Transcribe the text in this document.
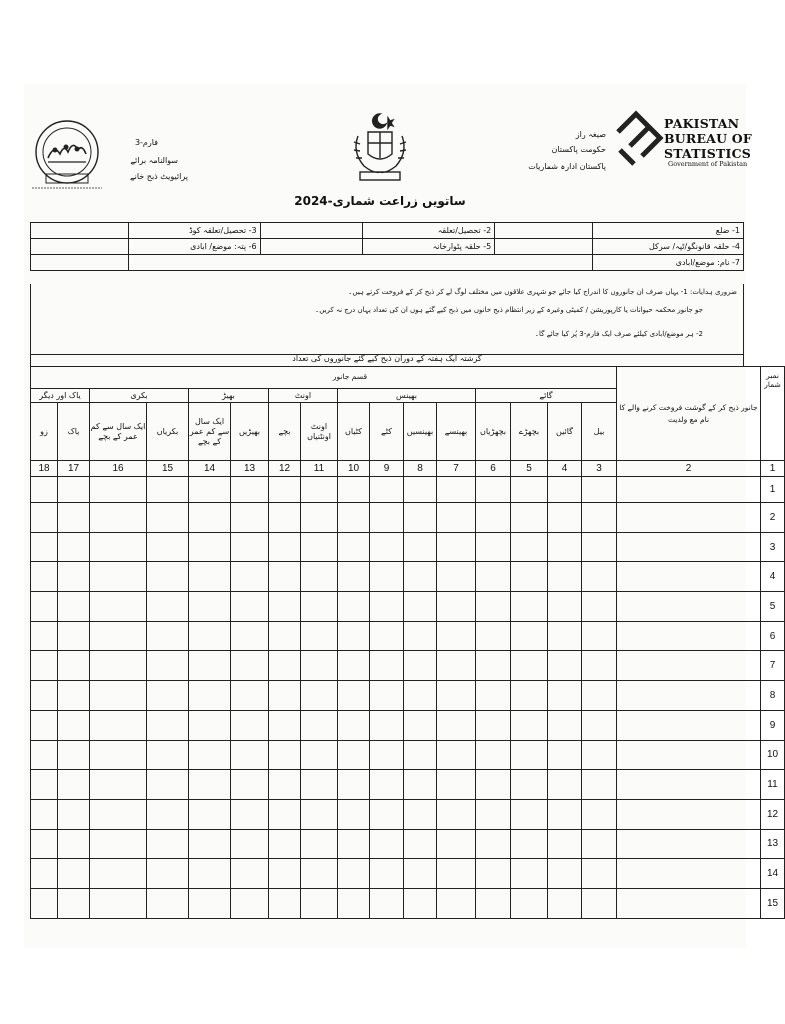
PAKISTAN
BUREAU OF
STATISTICS
Government of Pakistan
صیغہ راز
حکومت پاکستان
پاکستان ادارہ شماریات
فارم-3
سوالنامہ برائے
پرائیویٹ ذبح خانے
ساتویں زراعت شماری-2024
	3- تحصیل/تعلقہ کوڈ		2- تحصیل/تعلقہ		1- ضلع
	6- پتہ: موضع/ ابادی		5- حلقہ پٹوارخانہ		4- حلقہ قانونگو/ٹپہ/ سرکل
					7- نام: موضع/ابادی
ضروری ہدایات: 1- یہاں صرف ان جانوروں کا اندراج کیا جائے جو شہری علاقوں میں مختلف لوگ لے کر ذبح کر کے فروخت کرتے ہیں۔
جو جانور محکمہ حیوانات یا کارپوریشن / کمیٹی وغیرہ کے زیر انتظام ذبح خانوں میں ذبح کیے گئے ہوں ان کی تعداد یہاں درج نہ کریں۔
2- ہر موضع/ابادی کیلئے صرف ایک فارم-3 پُر کیا جائے گا۔
گزشتہ ایک ہفتہ کے دوران ذبح کیے گئے جانوروں کی تعداد
																جانور ذبح کر کے گوشت فروخت کرنے والے کا نام مع ولدیت	نمبر شمار
یاک اور دیگر		بکری		بھیڑ		اونٹ		بھینس				گائے					
زو	یاک	ایک سال سے کم عمر کے بچے	بکریاں	ایک سال سے کم عمر کے بچے	بھیڑیں	بچے	اونٹ اونٹنیاں	کٹیاں	کٹے	بھینسیں	بھینسے	بچھڑیاں	بچھڑے	گائیں	بیل		
18	17	16	15	14	13	12	11	10	9	8	7	6	5	4	3	2	1
																	1
																	2
																	3
																	4
																	5
																	6
																	7
																	8
																	9
																	10
																	11
																	12
																	13
																	14
																	15
قسم جانور
